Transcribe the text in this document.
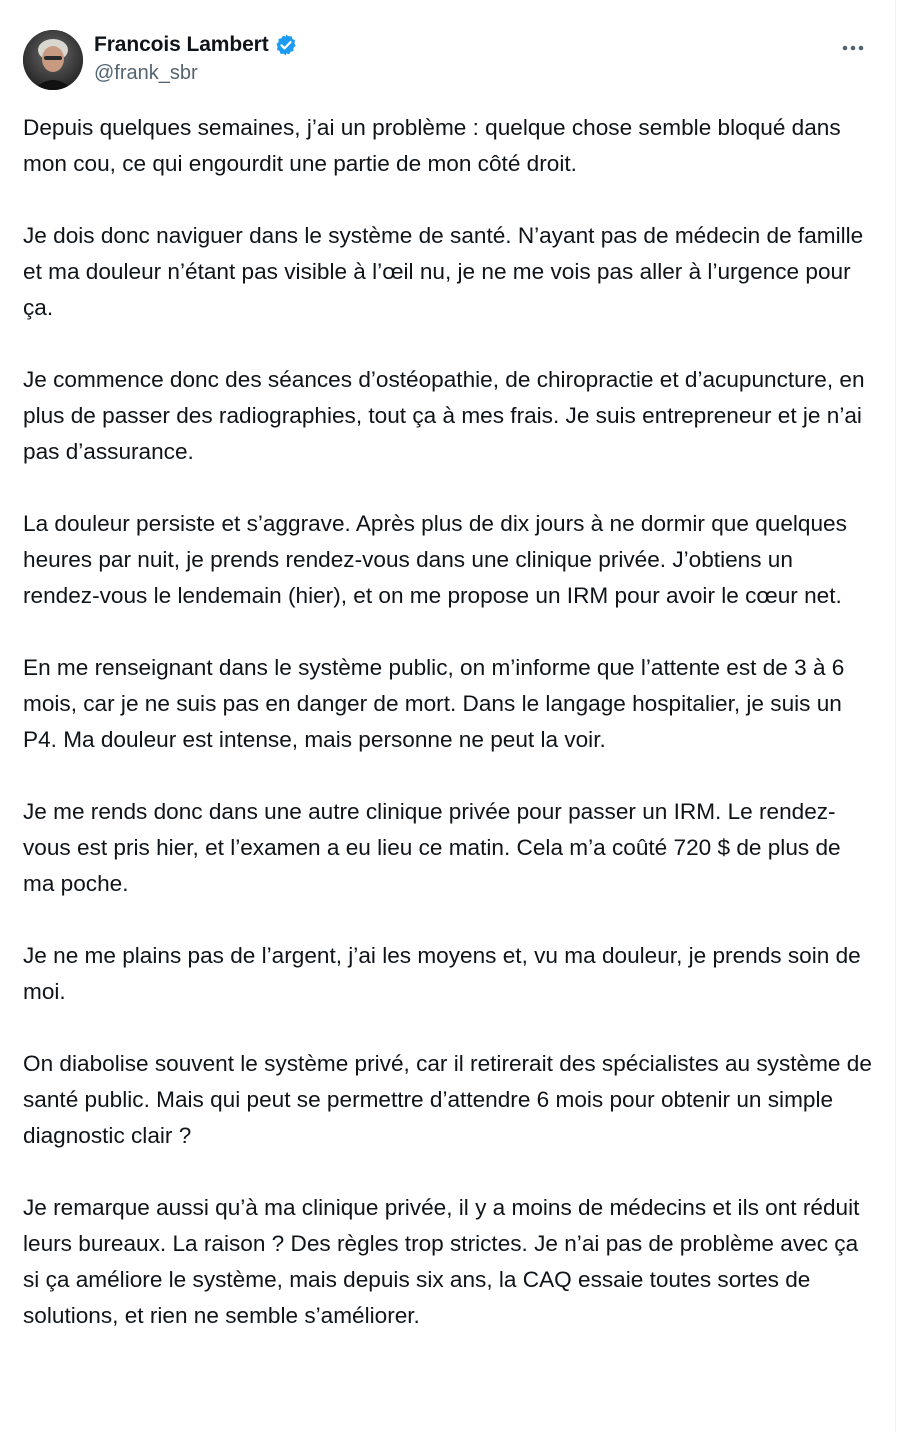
Francois Lambert
@frank_sbr

Depuis quelques semaines, j’ai un problème : quelque chose semble bloqué dans mon cou, ce qui engourdit une partie de mon côté droit.

Je dois donc naviguer dans le système de santé. N’ayant pas de médecin de famille et ma douleur n’étant pas visible à l’œil nu, je ne me vois pas aller à l’urgence pour ça.

Je commence donc des séances d’ostéopathie, de chiropractie et d’acupuncture, en plus de passer des radiographies, tout ça à mes frais. Je suis entrepreneur et je n’ai pas d’assurance.

La douleur persiste et s’aggrave. Après plus de dix jours à ne dormir que quelques heures par nuit, je prends rendez-vous dans une clinique privée. J’obtiens un rendez-vous le lendemain (hier), et on me propose un IRM pour avoir le cœur net.

En me renseignant dans le système public, on m’informe que l’attente est de 3 à 6 mois, car je ne suis pas en danger de mort. Dans le langage hospitalier, je suis un P4. Ma douleur est intense, mais personne ne peut la voir.

Je me rends donc dans une autre clinique privée pour passer un IRM. Le rendez-vous est pris hier, et l’examen a eu lieu ce matin. Cela m’a coûté 720 $ de plus de ma poche.

Je ne me plains pas de l’argent, j’ai les moyens et, vu ma douleur, je prends soin de moi.

On diabolise souvent le système privé, car il retirerait des spécialistes au système de santé public. Mais qui peut se permettre d’attendre 6 mois pour obtenir un simple diagnostic clair ?

Je remarque aussi qu’à ma clinique privée, il y a moins de médecins et ils ont réduit leurs bureaux. La raison ? Des règles trop strictes. Je n’ai pas de problème avec ça si ça améliore le système, mais depuis six ans, la CAQ essaie toutes sortes de solutions, et rien ne semble s’améliorer.
